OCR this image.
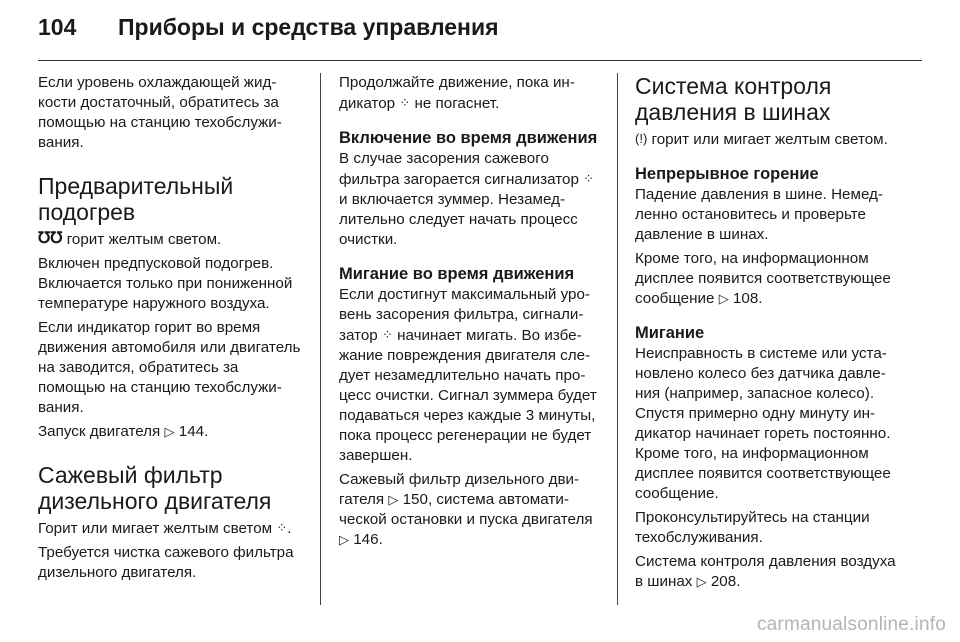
104 Приборы и средства управления

Если уровень охлаждающей жидкости достаточный, обратитесь за помощью на станцию техобслуживания.

Предварительный подогрев

℧℧ горит желтым светом.

Включен предпусковой подогрев. Включается только при пониженной температуре наружного воздуха.

Если индикатор горит во время движения автомобиля или двигатель на заводится, обратитесь за помощью на станцию техобслуживания.

Запуск двигателя ▷ 144.

Сажевый фильтр дизельного двигателя

Горит или мигает желтым светом ⁘.

Требуется чистка сажевого фильтра дизельного двигателя.

Продолжайте движение, пока индикатор ⁘ не погаснет.

Включение во время движения

В случае засорения сажевого фильтра загорается сигнализатор ⁘ и включается зуммер. Незамедлительно следует начать процесс очистки.

Мигание во время движения

Если достигнут максимальный уровень засорения фильтра, сигнализатор ⁘ начинает мигать. Во избежание повреждения двигателя следует незамедлительно начать процесс очистки. Сигнал зуммера будет подаваться через каждые 3 минуты, пока процесс регенерации не будет завершен.

Сажевый фильтр дизельного двигателя ▷ 150, система автоматической остановки и пуска двигателя ▷ 146.

Система контроля давления в шинах

(!) горит или мигает желтым светом.

Непрерывное горение

Падение давления в шине. Немедленно остановитесь и проверьте давление в шинах.

Кроме того, на информационном дисплее появится соответствующее сообщение ▷ 108.

Мигание

Неисправность в системе или установлено колесо без датчика давления (например, запасное колесо). Спустя примерно одну минуту индикатор начинает гореть постоянно. Кроме того, на информационном дисплее появится соответствующее сообщение.

Проконсультируйтесь на станции техобслуживания.

Система контроля давления воздуха в шинах ▷ 208.

carmanualsonline.info
